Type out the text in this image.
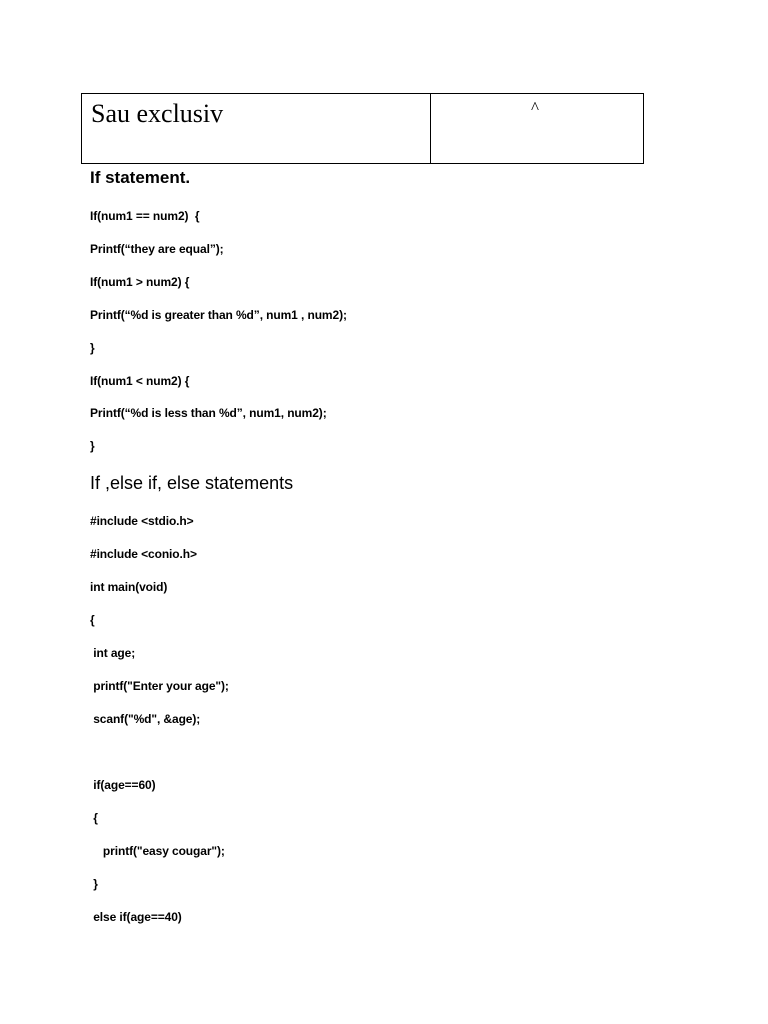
Sau exclusiv	^
If statement.
If(num1 == num2)  {
Printf(“they are equal”);
If(num1 > num2) {
Printf(“%d is greater than %d”, num1 , num2);
}
If(num1 < num2) {
Printf(“%d is less than %d”, num1, num2);
}
If ,else if, else statements
#include <stdio.h>
#include <conio.h>
int main(void)
{
int age;
printf("Enter your age");
scanf("%d", &age);
if(age==60)
{
printf("easy cougar");
}
else if(age==40)
